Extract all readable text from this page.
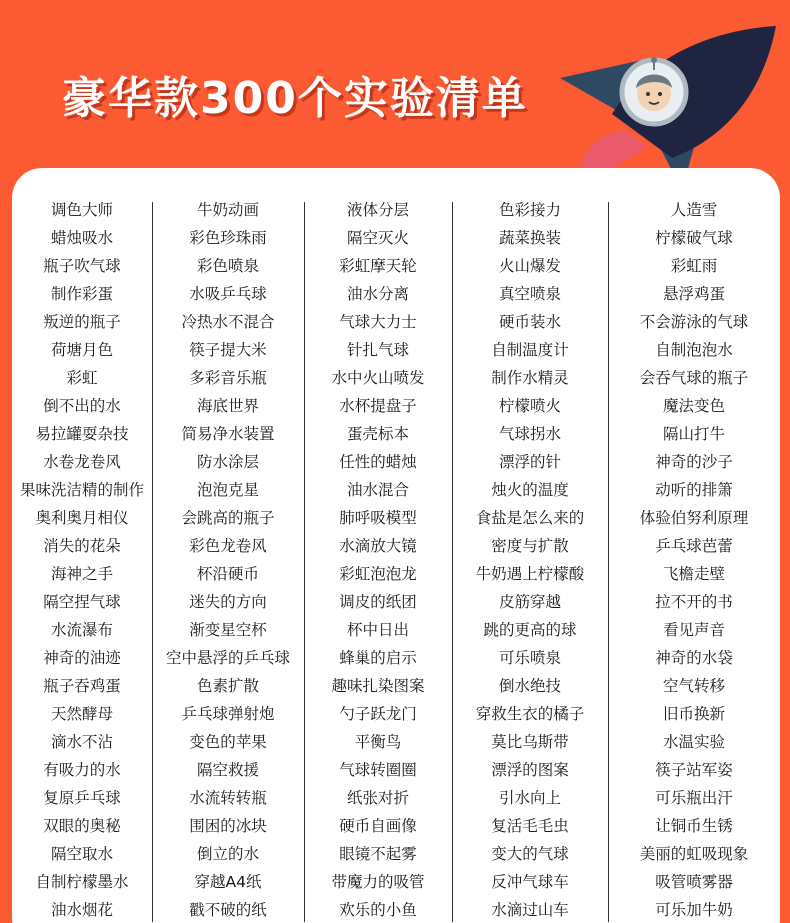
豪华款300个实验清单
调色大师
蜡烛吸水
瓶子吹气球
制作彩蛋
叛逆的瓶子
荷塘月色
彩虹
倒不出的水
易拉罐耍杂技
水卷龙卷风
果味洗洁精的制作
奥利奥月相仪
消失的花朵
海神之手
隔空捏气球
水流瀑布
神奇的油迹
瓶子吞鸡蛋
天然酵母
滴水不沾
有吸力的水
复原乒乓球
双眼的奥秘
隔空取水
自制柠檬墨水
油水烟花
牛奶动画
彩色珍珠雨
彩色喷泉
水吸乒乓球
冷热水不混合
筷子提大米
多彩音乐瓶
海底世界
简易净水装置
防水涂层
泡泡克星
会跳高的瓶子
彩色龙卷风
杯沿硬币
迷失的方向
渐变星空杯
空中悬浮的乒乓球
色素扩散
乒乓球弹射炮
变色的苹果
隔空救援
水流转转瓶
围困的冰块
倒立的水
穿越A4纸
戳不破的纸
液体分层
隔空灭火
彩虹摩天轮
油水分离
气球大力士
针扎气球
水中火山喷发
水杯提盘子
蛋壳标本
任性的蜡烛
油水混合
肺呼吸模型
水滴放大镜
彩虹泡泡龙
调皮的纸团
杯中日出
蜂巢的启示
趣味扎染图案
勺子跃龙门
平衡鸟
气球转圈圈
纸张对折
硬币自画像
眼镜不起雾
带魔力的吸管
欢乐的小鱼
色彩接力
蔬菜换装
火山爆发
真空喷泉
硬币装水
自制温度计
制作水精灵
柠檬喷火
气球拐水
漂浮的针
烛火的温度
食盐是怎么来的
密度与扩散
牛奶遇上柠檬酸
皮筋穿越
跳的更高的球
可乐喷泉
倒水绝技
穿救生衣的橘子
莫比乌斯带
漂浮的图案
引水向上
复活毛毛虫
变大的气球
反冲气球车
水滴过山车
人造雪
柠檬破气球
彩虹雨
悬浮鸡蛋
不会游泳的气球
自制泡泡水
会吞气球的瓶子
魔法变色
隔山打牛
神奇的沙子
动听的排箫
体验伯努利原理
乒乓球芭蕾
飞檐走壁
拉不开的书
看见声音
神奇的水袋
空气转移
旧币换新
水温实验
筷子站军姿
可乐瓶出汗
让铜币生锈
美丽的虹吸现象
吸管喷雾器
可乐加牛奶
